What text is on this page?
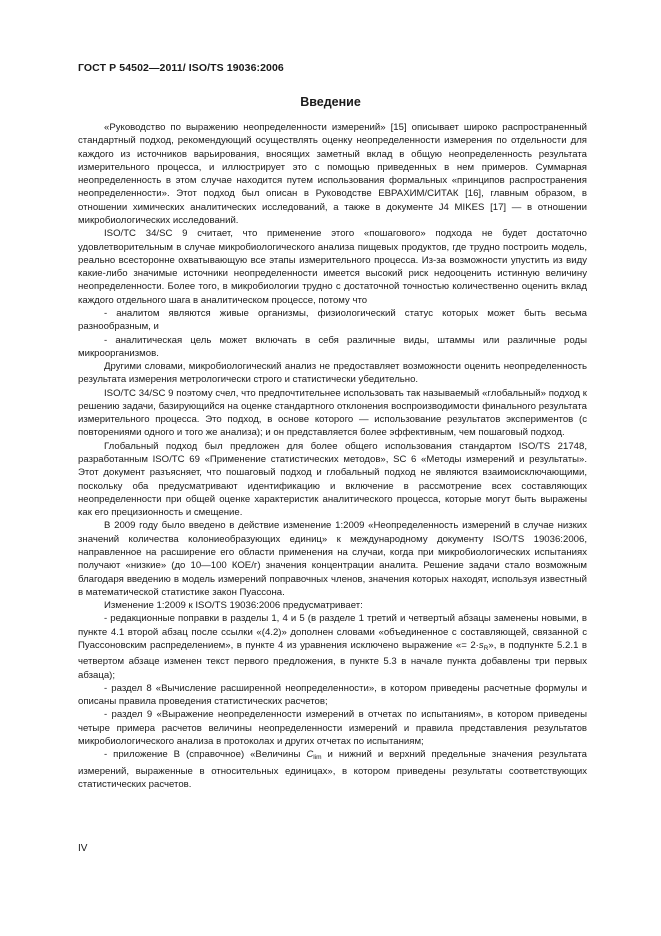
ГОСТ Р 54502—2011/ ISO/TS 19036:2006
Введение

«Руководство по выражению неопределенности измерений» [15] описывает широко распространенный стандартный подход, рекомендующий осуществлять оценку неопределенности измерения по отдельности для каждого из источников варьирования, вносящих заметный вклад в общую неопределенность результата измерительного процесса, и иллюстрирует это с помощью приведенных в нем примеров. Суммарная неопределенность в этом случае находится путем использования формальных «принципов распространения неопределенности». Этот подход был описан в Руководстве ЕВРАХИМ/СИТАК [16], главным образом, в отношении химических аналитических исследований, а также в документе J4 MIKES [17] — в отношении микробиологических исследований.

ISO/TC 34/SC 9 считает, что применение этого «пошагового» подхода не будет достаточно удовлетворительным в случае микробиологического анализа пищевых продуктов, где трудно построить модель, реально всесторонне охватывающую все этапы измерительного процесса. Из-за возможности упустить из виду какие-либо значимые источники неопределенности имеется высокий риск недооценить истинную величину неопределенности. Более того, в микробиологии трудно с достаточной точностью количественно оценить вклад каждого отдельного шага в аналитическом процессе, потому что

- аналитом являются живые организмы, физиологический статус которых может быть весьма разнообразным, и

- аналитическая цель может включать в себя различные виды, штаммы или различные роды микроорганизмов.

Другими словами, микробиологический анализ не предоставляет возможности оценить неопределенность результата измерения метрологически строго и статистически убедительно.

ISO/TC 34/SC 9 поэтому счел, что предпочтительнее использовать так называемый «глобальный» подход к решению задачи, базирующийся на оценке стандартного отклонения воспроизводимости финального результата измерительного процесса. Это подход, в основе которого — использование результатов экспериментов (с повторениями одного и того же анализа); и он представляется более эффективным, чем пошаговый подход.

Глобальный подход был предложен для более общего использования стандартом ISO/TS 21748, разработанным ISO/TC 69 «Применение статистических методов», SC 6 «Методы измерений и результаты». Этот документ разъясняет, что пошаговый подход и глобальный подход не являются взаимоисключающими, поскольку оба предусматривают идентификацию и включение в рассмотрение всех составляющих неопределенности при общей оценке характеристик аналитического процесса, которые могут быть выражены как его прецизионность и смещение.

В 2009 году было введено в действие изменение 1:2009 «Неопределенность измерений в случае низких значений количества колониеобразующих единиц» к международному документу ISO/TS 19036:2006, направленное на расширение его области применения на случаи, когда при микробиологических испытаниях получают «низкие» (до 10—100 КОЕ/г) значения концентрации аналита. Решение задачи стало возможным благодаря введению в модель измерений поправочных членов, значения которых находят, используя известный в математической статистике закон Пуассона.

Изменение 1:2009 к ISO/TS 19036:2006 предусматривает:

- редакционные поправки в разделы 1, 4 и 5 (в разделе 1 третий и четвертый абзацы заменены новыми, в пункте 4.1 второй абзац после ссылки «(4.2)» дополнен словами «объединенное с составляющей, связанной с Пуассоновским распределением», в пункте 4 из уравнения исключено выражение «= $2\cdot s_R$», в подпункте 5.2.1 в четвертом абзаце изменен текст первого предложения, в пункте 5.3 в начале пункта добавлены три первых абзаца);

- раздел 8 «Вычисление расширенной неопределенности», в котором приведены расчетные формулы и описаны правила проведения статистических расчетов;

- раздел 9 «Выражение неопределенности измерений в отчетах по испытаниям», в котором приведены четыре примера расчетов величины неопределенности измерений и правила представления результатов микробиологического анализа в протоколах и других отчетах по испытаниям;

- приложение В (справочное) «Величины $C_{lim}$ и нижний и верхний предельные значения результата измерений, выраженные в относительных единицах», в котором приведены результаты соответствующих статистических расчетов.

IV
